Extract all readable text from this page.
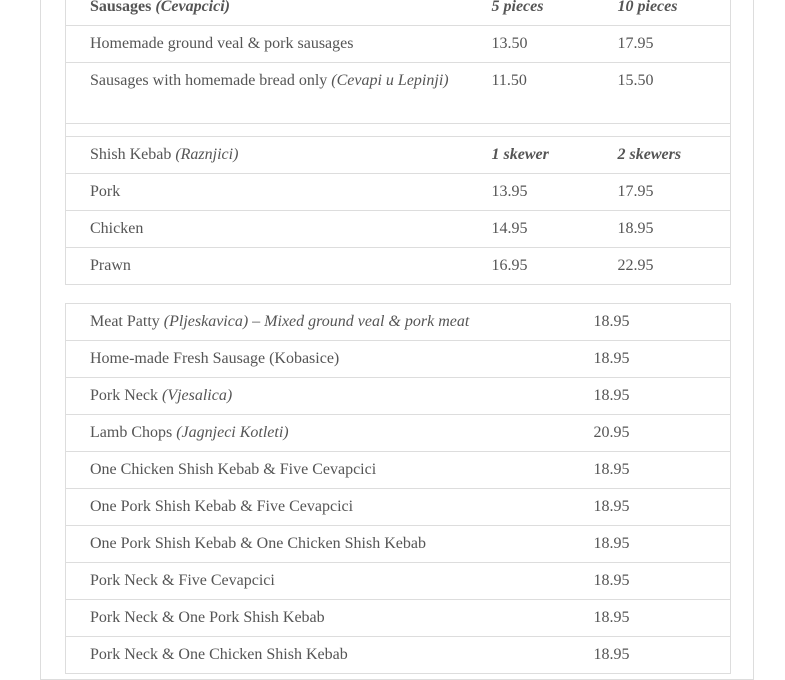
Sausages (Cevapcici)	5 pieces	10 pieces

Homemade ground veal & pork sausages	13.50	17.95

Sausages with homemade bread only (Cevapi u Lepinji)	11.50	15.50

Shish Kebab (Raznjici)	1 skewer	2 skewers

Pork	13.95	17.95

Chicken	14.95	18.95

Prawn	16.95	22.95
Meat Patty (Pljeskavica) – Mixed ground veal & pork meat	18.95

Home-made Fresh Sausage (Kobasice)	18.95

Pork Neck (Vjesalica)	18.95

Lamb Chops (Jagnjeci Kotleti)	20.95

One Chicken Shish Kebab & Five Cevapcici	18.95

One Pork Shish Kebab & Five Cevapcici	18.95

One Pork Shish Kebab & One Chicken Shish Kebab	18.95

Pork Neck & Five Cevapcici	18.95

Pork Neck & One Pork Shish Kebab	18.95

Pork Neck & One Chicken Shish Kebab	18.95
